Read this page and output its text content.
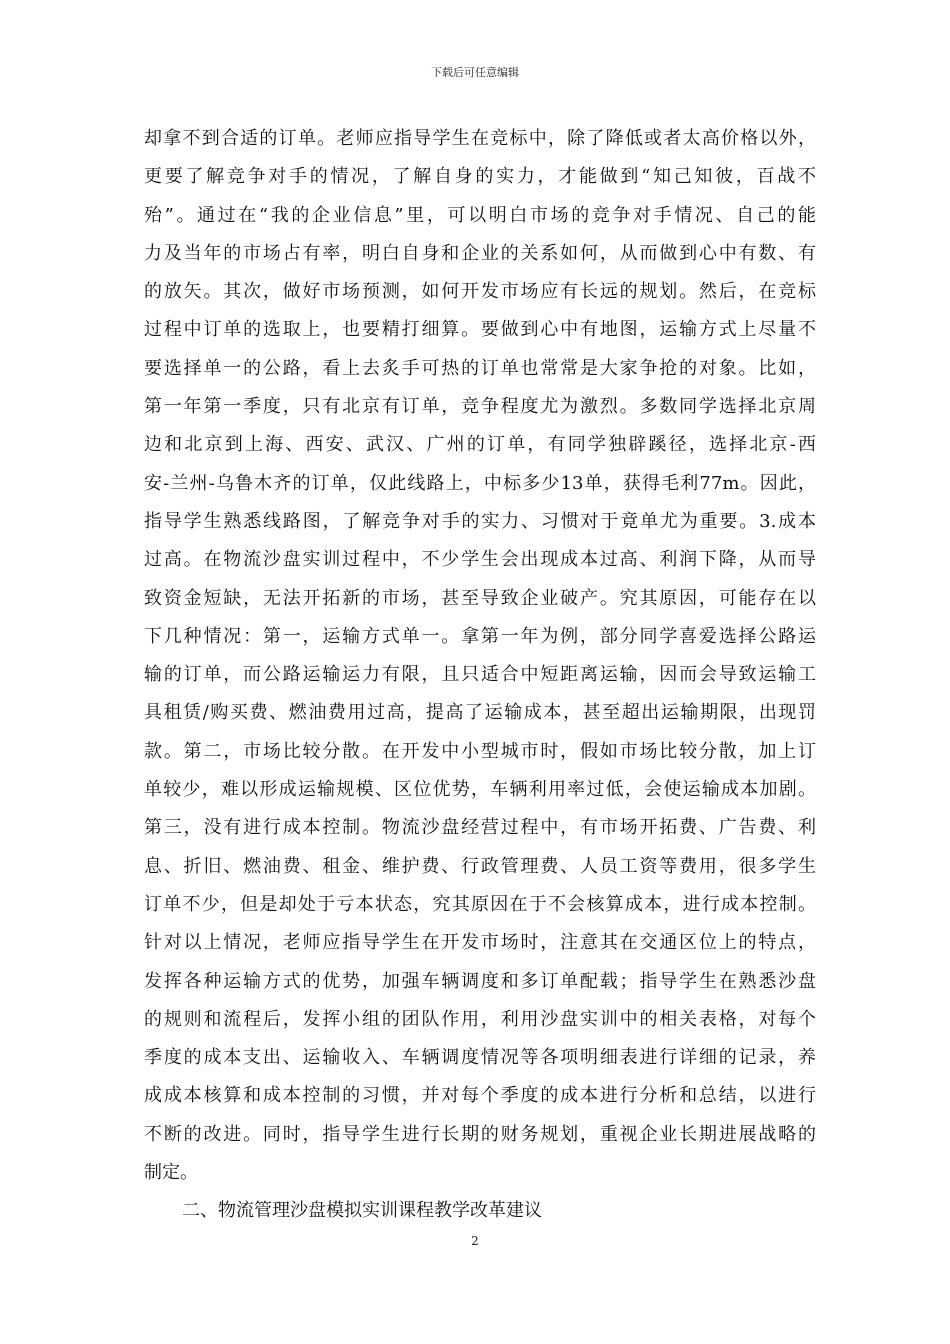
下载后可任意编辑
却拿不到合适的订单。老师应指导学生在竞标中，除了降低或者太高价格以外，
更要了解竞争对手的情况，了解自身的实力，才能做到“知己知彼，百战不
殆”。通过在“我的企业信息”里，可以明白市场的竞争对手情况、自己的能
力及当年的市场占有率，明白自身和企业的关系如何，从而做到心中有数、有
的放矢。其次，做好市场预测，如何开发市场应有长远的规划。然后，在竞标
过程中订单的选取上，也要精打细算。要做到心中有地图，运输方式上尽量不
要选择单一的公路，看上去炙手可热的订单也常常是大家争抢的对象。比如，
第一年第一季度，只有北京有订单，竞争程度尤为激烈。多数同学选择北京周
边和北京到上海、西安、武汉、广州的订单，有同学独辟蹊径，选择北京-西
安-兰州-乌鲁木齐的订单，仅此线路上，中标多少13单，获得毛利77m。因此，
指导学生熟悉线路图，了解竞争对手的实力、习惯对于竟单尤为重要。3.成本
过高。在物流沙盘实训过程中，不少学生会出现成本过高、利润下降，从而导
致资金短缺，无法开拓新的市场，甚至导致企业破产。究其原因，可能存在以
下几种情况：第一，运输方式单一。拿第一年为例，部分同学喜爱选择公路运
输的订单，而公路运输运力有限，且只适合中短距离运输，因而会导致运输工
具租赁/购买费、燃油费用过高，提高了运输成本，甚至超出运输期限，出现罚
款。第二，市场比较分散。在开发中小型城市时，假如市场比较分散，加上订
单较少，难以形成运输规模、区位优势，车辆利用率过低，会使运输成本加剧。
第三，没有进行成本控制。物流沙盘经营过程中，有市场开拓费、广告费、利
息、折旧、燃油费、租金、维护费、行政管理费、人员工资等费用，很多学生
订单不少，但是却处于亏本状态，究其原因在于不会核算成本，进行成本控制。
针对以上情况，老师应指导学生在开发市场时，注意其在交通区位上的特点，
发挥各种运输方式的优势，加强车辆调度和多订单配载；指导学生在熟悉沙盘
的规则和流程后，发挥小组的团队作用，利用沙盘实训中的相关表格，对每个
季度的成本支出、运输收入、车辆调度情况等各项明细表进行详细的记录，养
成成本核算和成本控制的习惯，并对每个季度的成本进行分析和总结，以进行
不断的改进。同时，指导学生进行长期的财务规划，重视企业长期进展战略的
制定。
二、物流管理沙盘模拟实训课程教学改革建议
2
